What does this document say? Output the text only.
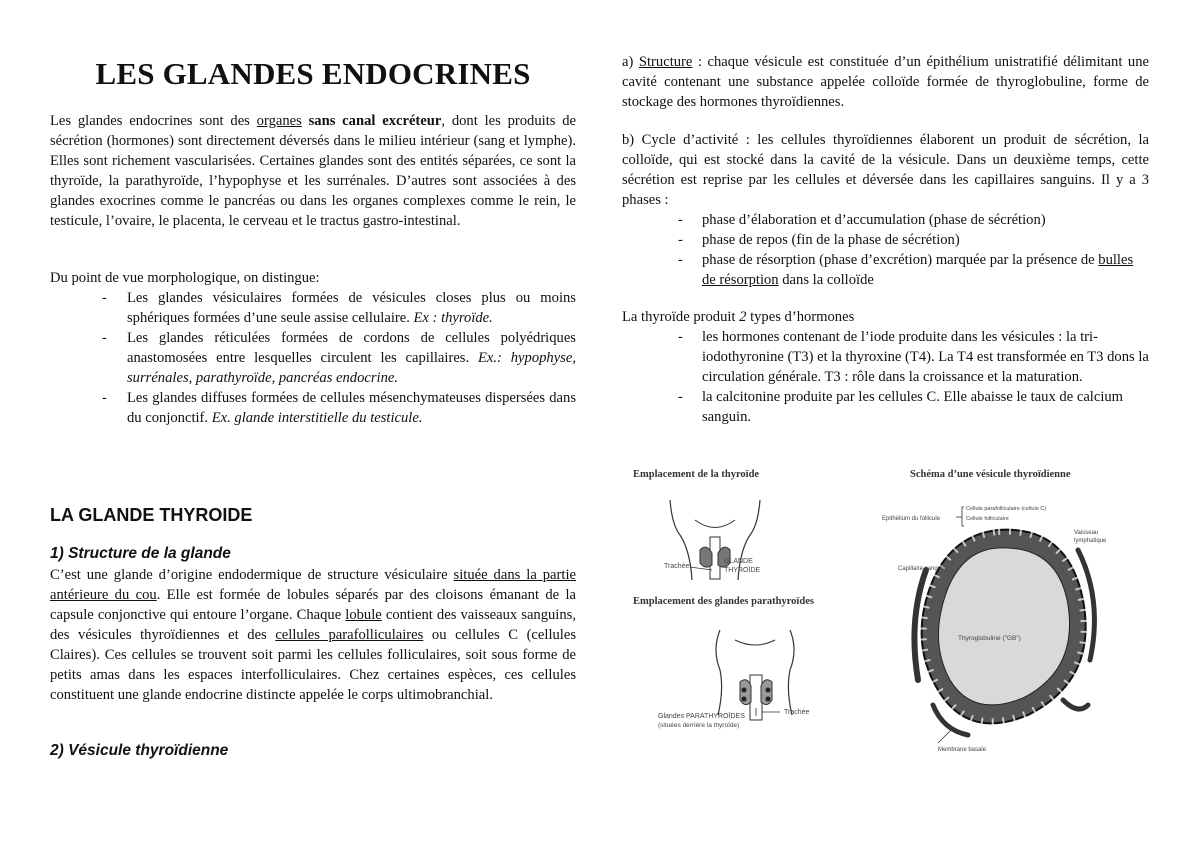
LES GLANDES ENDOCRINES

Les glandes endocrines sont des organes sans canal excréteur, dont les produits de sécrétion (hormones) sont directement déversés dans le milieu intérieur (sang et lymphe). Elles sont richement vascularisées. Certaines glandes sont des entités séparées, ce sont la thyroïde, la parathyroïde, l’hypophyse et les surrénales. D’autres sont associées à des glandes exocrines comme le pancréas ou dans les organes complexes comme le rein, le testicule, l’ovaire, le placenta, le cerveau et le tractus gastro-intestinal.

Du point de vue morphologique, on distingue:

- Les glandes vésiculaires formées de vésicules closes plus ou moins sphériques formées d’une seule assise cellulaire. Ex : thyroïde.
- Les glandes réticulées formées de cordons de cellules polyédriques anastomosées entre lesquelles circulent les capillaires. Ex.: hypophyse, surrénales, parathyroïde, pancréas endocrine.
- Les glandes diffuses formées de cellules mésenchymateuses dispersées dans du conjonctif. Ex. glande interstitielle du testicule.
LA GLANDE THYROIDE
1) Structure de la glande

C’est une glande d’origine endodermique de structure vésiculaire située dans la partie antérieure du cou. Elle est formée de lobules séparés par des cloisons émanant de la capsule conjonctive qui entoure l’organe. Chaque lobule contient des vaisseaux sanguins, des vésicules thyroïdiennes et des cellules parafolliculaires ou cellules C (cellules Claires). Ces cellules se trouvent soit parmi les cellules folliculaires, soit sous forme de petits amas dans les espaces interfolliculaires. Chez certaines espèces, ces cellules constituent une glande endocrine distincte appelée le corps ultimobranchial.

2) Vésicule thyroïdienne

a) Structure : chaque vésicule est constituée d’un épithélium unistratifié délimitant une cavité contenant une substance appelée colloïde formée de thyroglobuline, forme de stockage des hormones thyroïdiennes.

b) Cycle d’activité : les cellules thyroïdiennes élaborent un produit de sécrétion, la colloïde, qui est stocké dans la cavité de la vésicule. Dans un deuxième temps, cette sécrétion est reprise par les cellules et déversée dans les capillaires sanguins. Il y a 3 phases :

- phase d’élaboration et d’accumulation (phase de sécrétion)
- phase de repos (fin de la phase de sécrétion)
- phase de résorption (phase d’excrétion) marquée par la présence de bulles de résorption dans la colloïde

La thyroïde produit 2 types d’hormones

- les hormones contenant de l’iode produite dans les vésicules : la tri-iodothyronine (T3) et la thyroxine (T4). La T4 est transformée en T3 dons la circulation générale. T3 : rôle dans la croissance et la maturation.
- la calcitonine produite par les cellules C. Elle abaisse le taux de calcium sanguin.
Emplacement de la thyroïde
Trachée
GLANDE
THYROÏDE
Emplacement des glandes parathyroïdes
Glandes PARATHYROÏDES
(situées derrière la thyroïde)
Trachée
Schéma d’une vésicule thyroïdienne
Thyroglobuline ("GB")
Epithélium du follicule
Cellule parafolliculaire (cellule C)
Cellule folliculaire
Vaisseau
lymphatique
Capillaire sanguin
Membrane basale
